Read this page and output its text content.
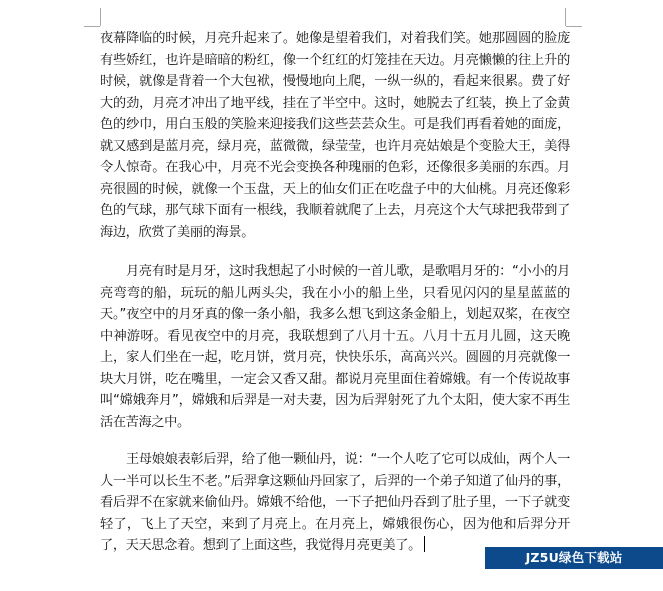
夜幕降临的时候，月亮升起来了。她像是望着我们，对着我们笑。她那圆圆的脸庞有些娇红，也许是暗暗的粉红，像一个红红的灯笼挂在天边。月亮懒懒的往上升的时候，就像是背着一个大包袱，慢慢地向上爬，一纵一纵的，看起来很累。费了好大的劲，月亮才冲出了地平线，挂在了半空中。这时，她脱去了红装，换上了金黄色的纱巾，用白玉般的笑脸来迎接我们这些芸芸众生。可是我们再看着她的面庞，就又感到是蓝月亮，绿月亮，蓝微微，绿莹莹，也许月亮姑娘是个变脸大王，美得令人惊奇。在我心中，月亮不光会变换各种瑰丽的色彩，还像很多美丽的东西。月亮很圆的时候，就像一个玉盘，天上的仙女们正在吃盘子中的大仙桃。月亮还像彩色的气球，那气球下面有一根线，我顺着就爬了上去，月亮这个大气球把我带到了海边，欣赏了美丽的海景。

月亮有时是月牙，这时我想起了小时候的一首儿歌，是歌唱月牙的：“小小的月亮弯弯的船，玩玩的船儿两头尖，我在小小的船上坐，只看见闪闪的星星蓝蓝的天。”夜空中的月牙真的像一条小船，我多么想飞到这条金船上，划起双桨，在夜空中神游呀。看见夜空中的月亮，我联想到了八月十五。八月十五月儿圆，这天晚上，家人们坐在一起，吃月饼，赏月亮，快快乐乐，高高兴兴。圆圆的月亮就像一块大月饼，吃在嘴里，一定会又香又甜。都说月亮里面住着嫦娥。有一个传说故事叫“嫦娥奔月”，嫦娥和后羿是一对夫妻，因为后羿射死了九个太阳，使大家不再生活在苦海之中。

王母娘娘表彰后羿，给了他一颗仙丹，说：“一个人吃了它可以成仙，两个人一人一半可以长生不老。”后羿拿这颗仙丹回家了，后羿的一个弟子知道了仙丹的事，看后羿不在家就来偷仙丹。嫦娥不给他，一下子把仙丹吞到了肚子里，一下子就变轻了，飞上了天空，来到了月亮上。在月亮上，嫦娥很伤心，因为他和后羿分开了，天天思念着。想到了上面这些，我觉得月亮更美了。

JZ5U绿色下载站www.jz5u.com
